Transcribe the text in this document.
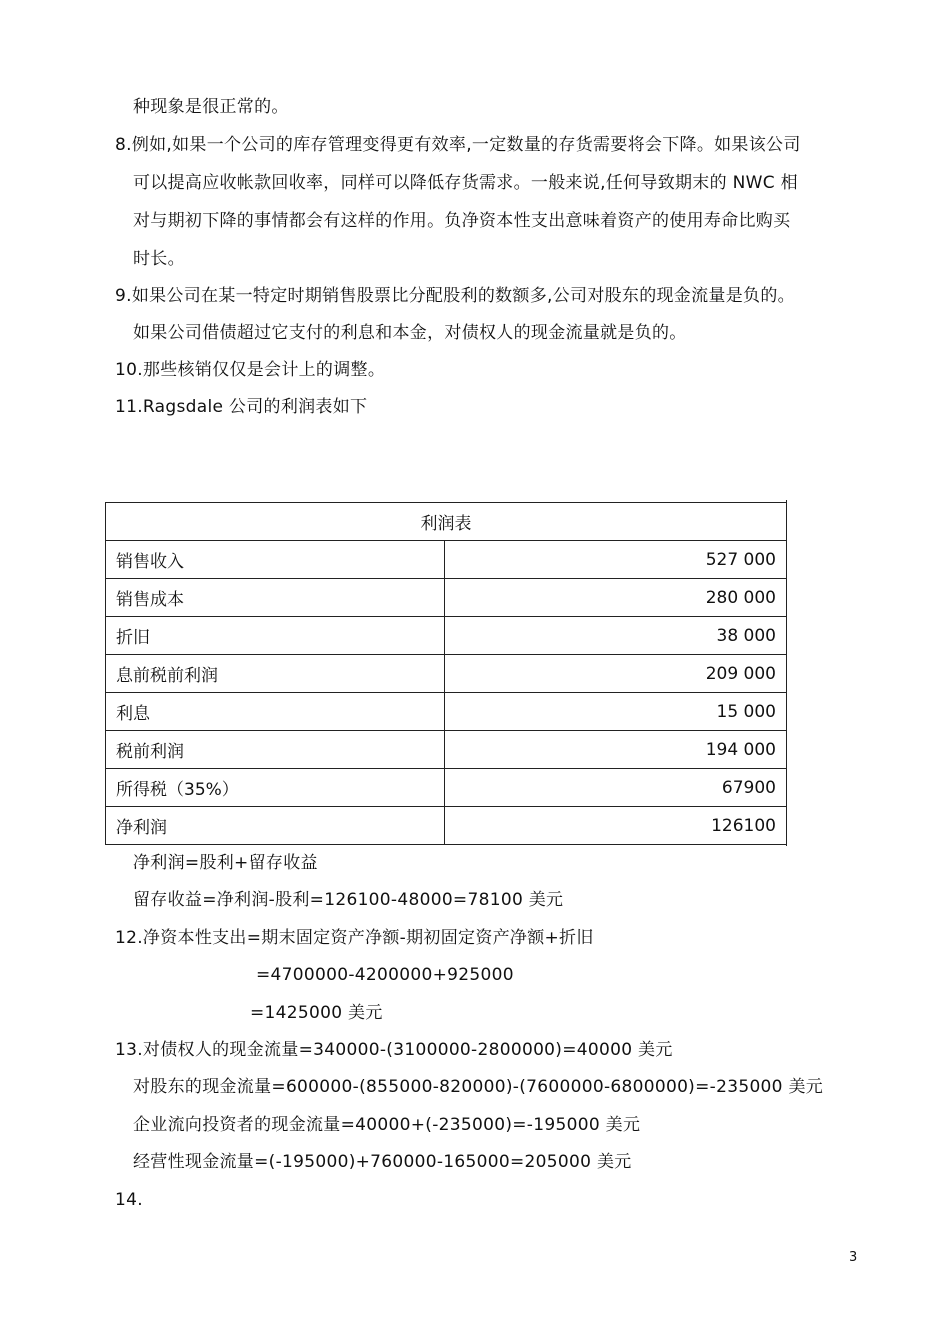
种现象是很正常的。
8.例如,如果一个公司的库存管理变得更有效率,一定数量的存货需要将会下降。如果该公司
可以提高应收帐款回收率，同样可以降低存货需求。一般来说,任何导致期末的 NWC 相
对与期初下降的事情都会有这样的作用。负净资本性支出意味着资产的使用寿命比购买
时长。
9.如果公司在某一特定时期销售股票比分配股利的数额多,公司对股东的现金流量是负的。
如果公司借债超过它支付的利息和本金，对债权人的现金流量就是负的。
10.那些核销仅仅是会计上的调整。
11.Ragsdale 公司的利润表如下
利润表	
销售收入	527 000
销售成本	280 000
折旧	38 000
息前税前利润	209 000
利息	15 000
税前利润	194 000
所得税（35%）	67900
净利润	126100
净利润=股利+留存收益
留存收益=净利润-股利=126100-48000=78100 美元
12.净资本性支出=期末固定资产净额-期初固定资产净额+折旧
=4700000-4200000+925000
=1425000 美元
13.对债权人的现金流量=340000-(3100000-2800000)=40000 美元
对股东的现金流量=600000-(855000-820000)-(7600000-6800000)=-235000 美元
企业流向投资者的现金流量=40000+(-235000)=-195000 美元
经营性现金流量=(-195000)+760000-165000=205000 美元
14.
3
